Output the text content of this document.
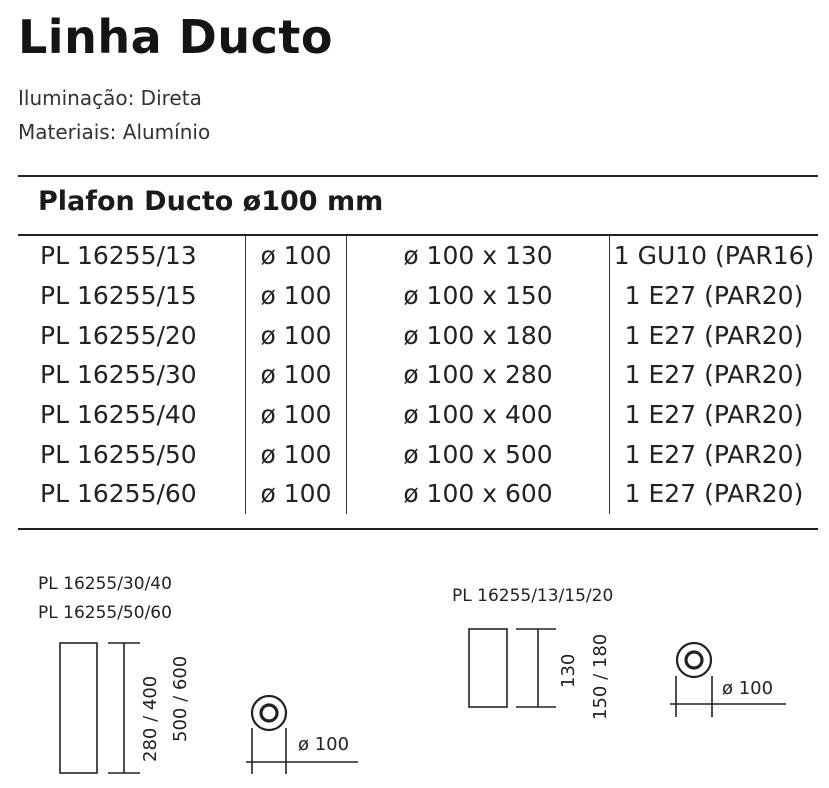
Linha Ducto
Iluminação: Direta
Materiais: Alumínio
Plafon Ducto ø100 mm
PL 16255/13	ø 100	ø 100 x 130	1 GU10 (PAR16)
PL 16255/15	ø 100	ø 100 x 150	1 E27 (PAR20)
PL 16255/20	ø 100	ø 100 x 180	1 E27 (PAR20)
PL 16255/30	ø 100	ø 100 x 280	1 E27 (PAR20)
PL 16255/40	ø 100	ø 100 x 400	1 E27 (PAR20)
PL 16255/50	ø 100	ø 100 x 500	1 E27 (PAR20)
PL 16255/60	ø 100	ø 100 x 600	1 E27 (PAR20)
PL 16255/30/40
PL 16255/50/60
280 / 400 500 / 600
ø 100
PL 16255/13/15/20
130 150 / 180	ø 100
